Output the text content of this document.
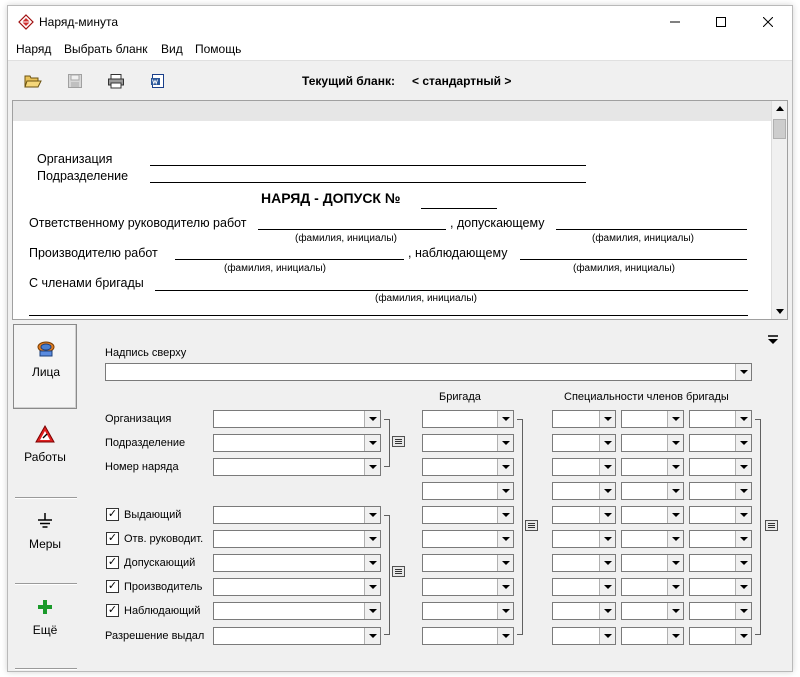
Наряд-минута
Наряд Выбрать бланк Вид Помощь
Текущий бланк: < стандартный >
Организация
Подразделение
НАРЯД - ДОПУСК №
Ответственному руководителю работ	, допускающему
(фамилия, инициалы)	(фамилия, инициалы)
Производителю работ	, наблюдающему
(фамилия, инициалы)	(фамилия, инициалы)
С членами бригады
(фамилия, инициалы)
Лица
Работы
Меры
Ещё
Надпись сверху
Бригада	Специальности членов бригады
Организация
Подразделение
Номер наряда
✓ Выдающий
✓ Отв. руководит.
✓ Допускающий
✓ Производитель
✓ Наблюдающий
Разрешение выдал
